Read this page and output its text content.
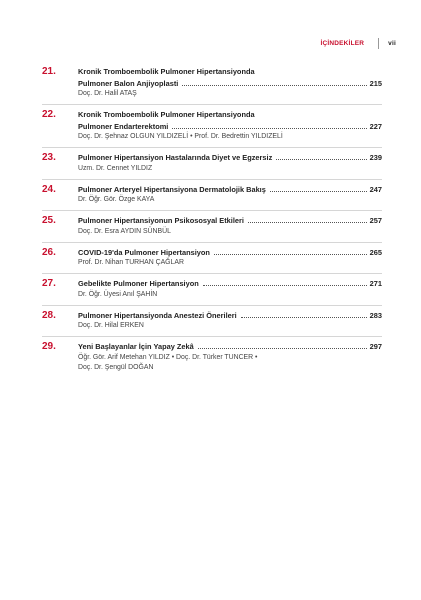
İÇİNDEKİLER	vii
21.	Kronik Tromboembolik Pulmoner Hipertansiyonda
Pulmoner Balon Anjiyoplasti	215
Doç. Dr. Halil ATAŞ
22.	Kronik Tromboembolik Pulmoner Hipertansiyonda
Pulmoner Endarterektomi	227
Doç. Dr. Şehnaz OLGUN YILDIZELİ • Prof. Dr. Bedrettin YILDIZELİ
23.	Pulmoner Hipertansiyon Hastalarında Diyet ve Egzersiz	239
Uzm. Dr. Cennet YILDIZ
24.	Pulmoner Arteryel Hipertansiyona Dermatolojik Bakış	247
Dr. Öğr. Gör. Özge KAYA
25.	Pulmoner Hipertansiyonun Psikososyal Etkileri	257
Doç. Dr. Esra AYDIN SÜNBÜL
26.	COVID-19'da Pulmoner Hipertansiyon	265
Prof. Dr. Nihan TURHAN ÇAĞLAR
27.	Gebelikte Pulmoner Hipertansiyon	271
Dr. Öğr. Üyesi Anıl ŞAHİN
28.	Pulmoner Hipertansiyonda Anestezi Önerileri	283
Doç. Dr. Hilal ERKEN
29.	Yeni Başlayanlar İçin Yapay Zekâ	297
Öğr. Gör. Arif Metehan YILDIZ • Doç. Dr. Türker TUNCER •
Doç. Dr. Şengül DOĞAN
